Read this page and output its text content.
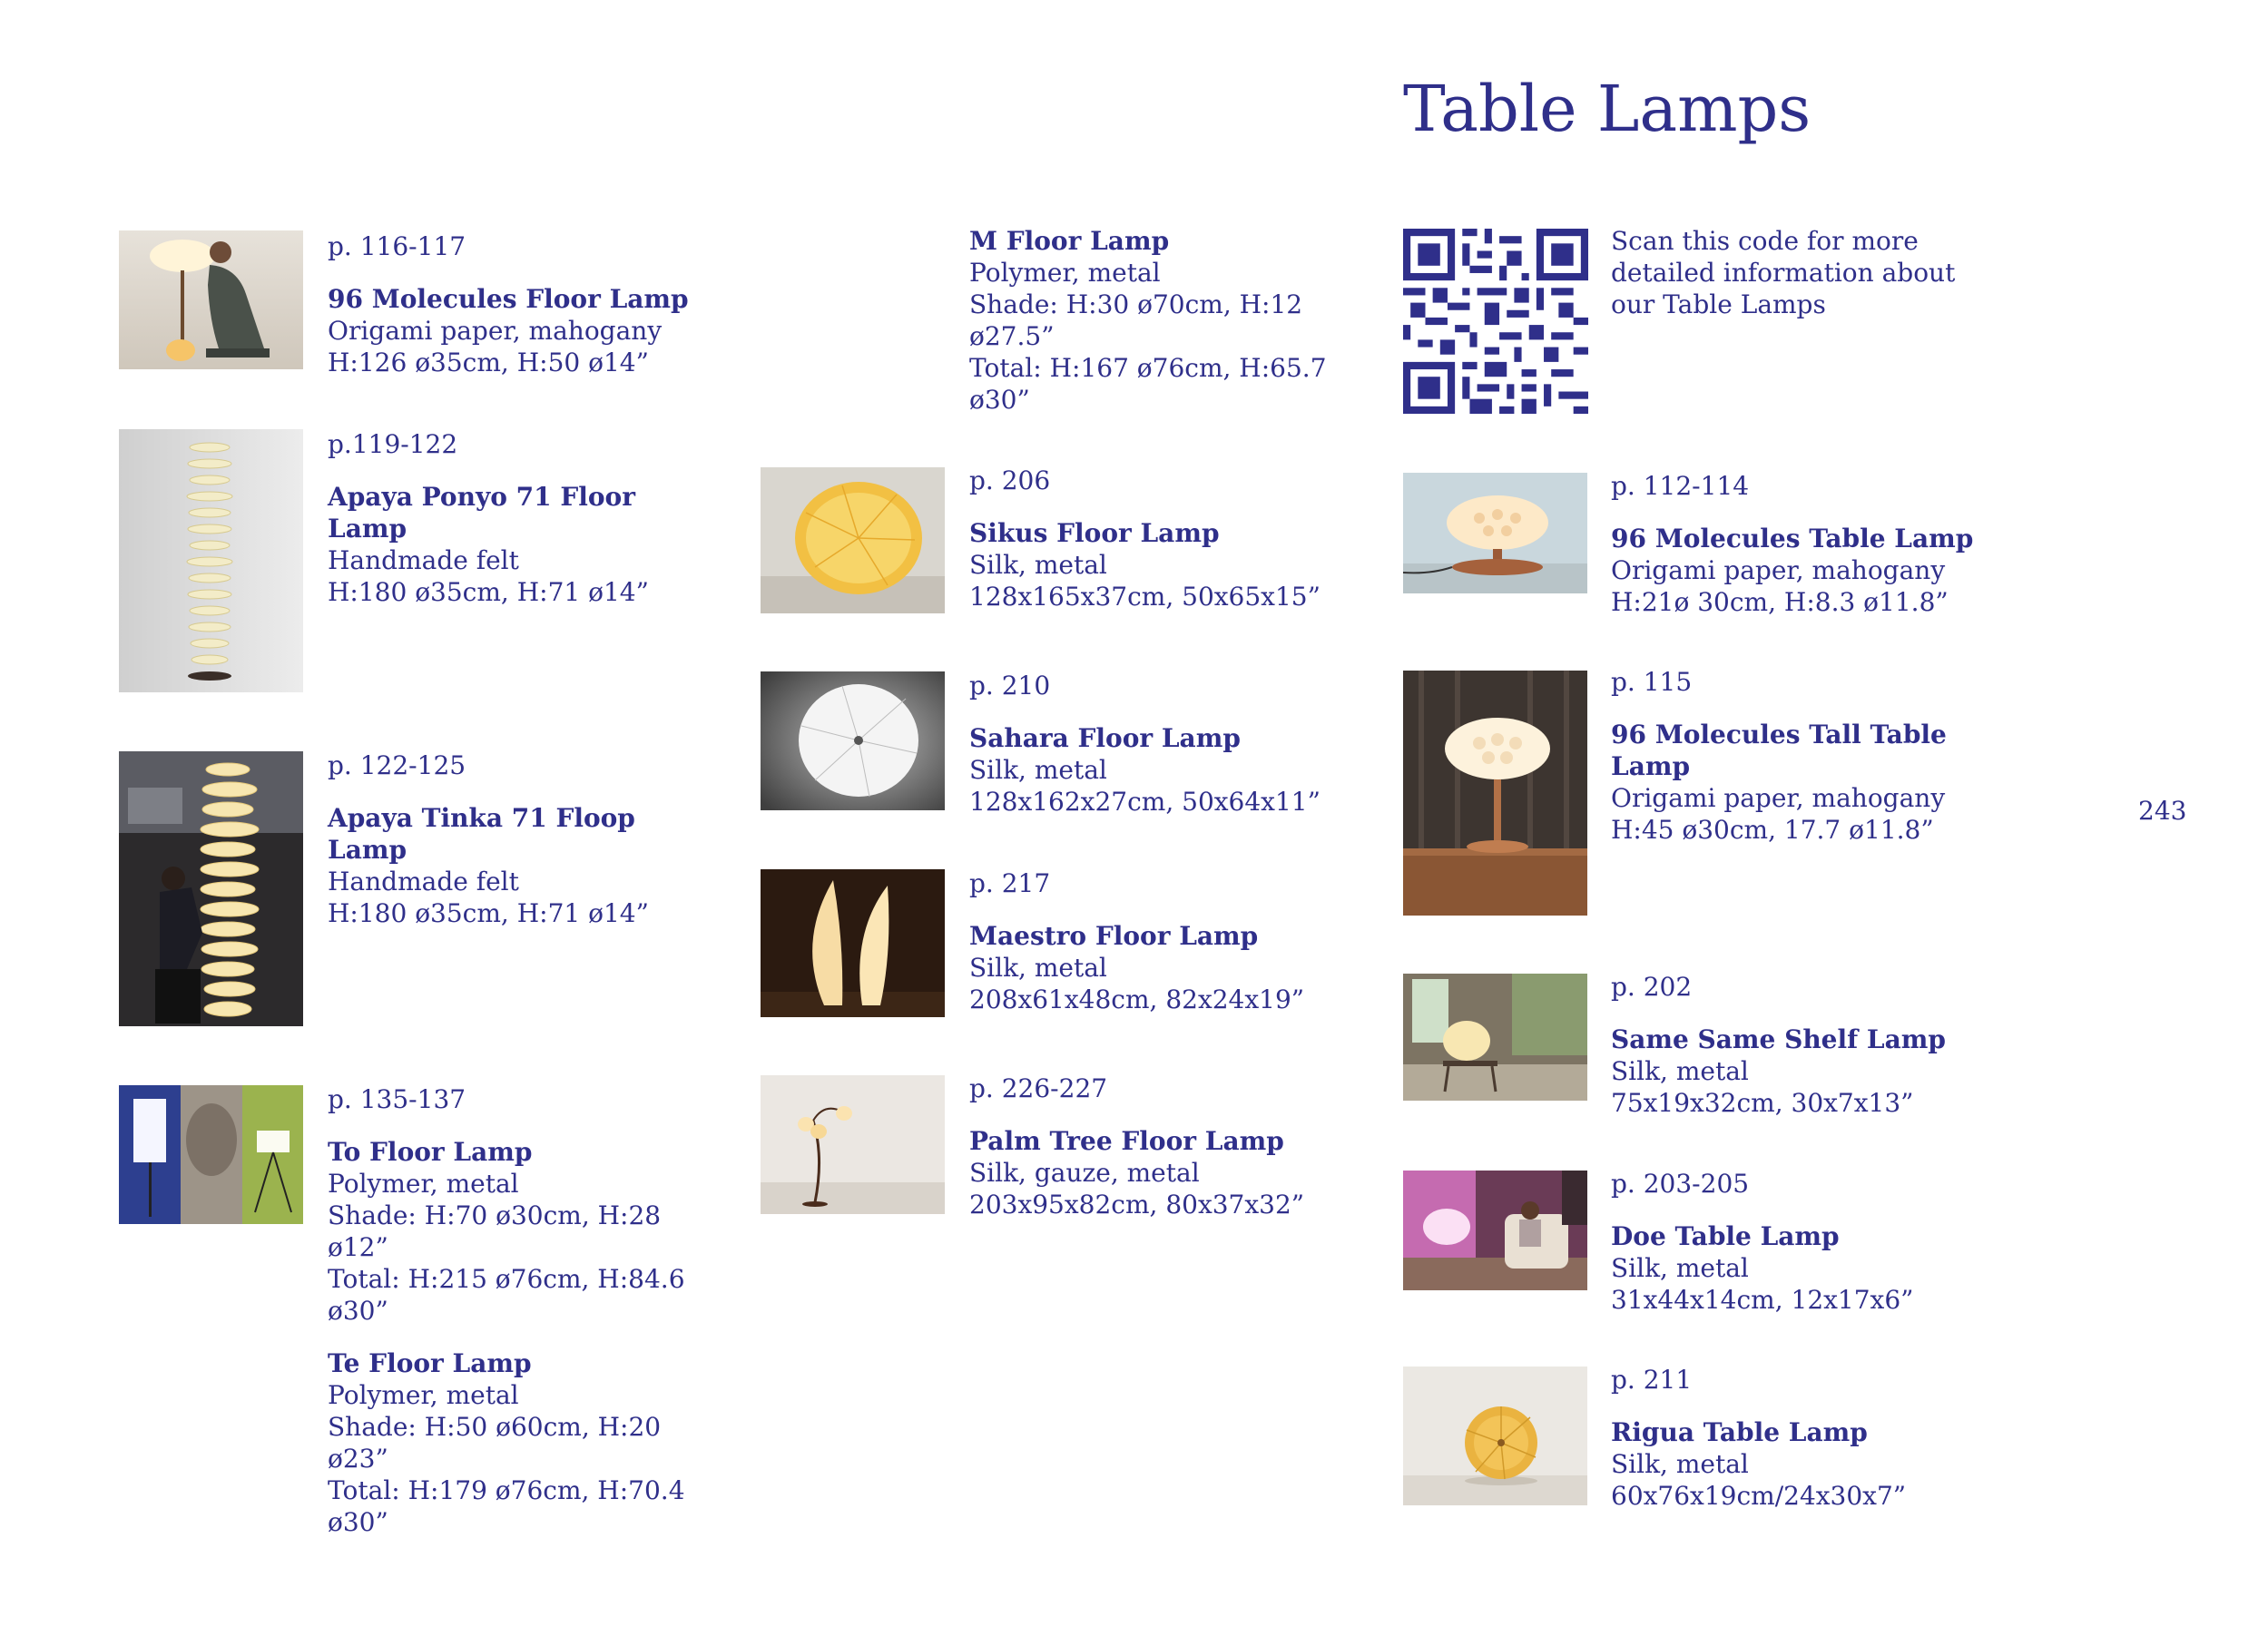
Table Lamps
Scan this code for more
detailed information about
our Table Lamps
p. 116-117
96 Molecules Floor Lamp
Origami paper, mahogany
H:126 ø35cm, H:50 ø14”
p.119-122
Apaya Ponyo 71 Floor
Lamp
Handmade felt
H:180 ø35cm, H:71 ø14”
p. 122-125
Apaya Tinka 71 Floop
Lamp
Handmade felt
H:180 ø35cm, H:71 ø14”
p. 135-137
To Floor Lamp
Polymer, metal
Shade: H:70 ø30cm, H:28
ø12”
Total: H:215 ø76cm, H:84.6
ø30”
Te Floor Lamp
Polymer, metal
Shade: H:50 ø60cm, H:20
ø23”
Total: H:179 ø76cm, H:70.4
ø30”
M Floor Lamp
Polymer, metal
Shade: H:30 ø70cm, H:12
ø27.5”
Total: H:167 ø76cm, H:65.7
ø30”
p. 206
Sikus Floor Lamp
Silk, metal
128x165x37cm, 50x65x15”
p. 210
Sahara Floor Lamp
Silk, metal
128x162x27cm, 50x64x11”
p. 217
Maestro Floor Lamp
Silk, metal
208x61x48cm, 82x24x19”
p. 226-227
Palm Tree Floor Lamp
Silk, gauze, metal
203x95x82cm, 80x37x32”
p. 112-114
96 Molecules Table Lamp
Origami paper, mahogany
H:21ø 30cm, H:8.3 ø11.8”
p. 115
96 Molecules Tall Table
Lamp
Origami paper, mahogany
H:45 ø30cm, 17.7 ø11.8”
p. 202
Same Same Shelf Lamp
Silk, metal
75x19x32cm, 30x7x13”
p. 203-205
Doe Table Lamp
Silk, metal
31x44x14cm, 12x17x6”
p. 211
Rigua Table Lamp
Silk, metal
60x76x19cm/24x30x7”
243
